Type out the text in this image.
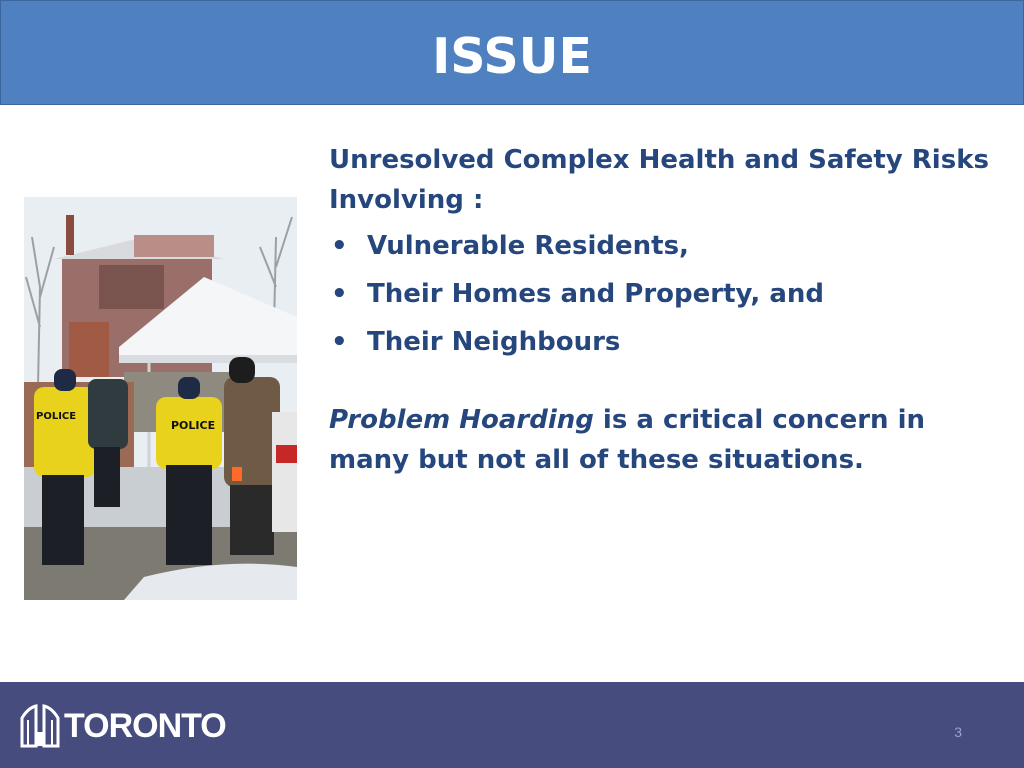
ISSUE
POLICE
POLICE

Unresolved Complex Health and Safety Risks Involving :

• Vulnerable Residents,
• Their Homes and Property, and
• Their Neighbours

Problem Hoarding is a critical concern in many but not all of these situations.

TORONTO	3
